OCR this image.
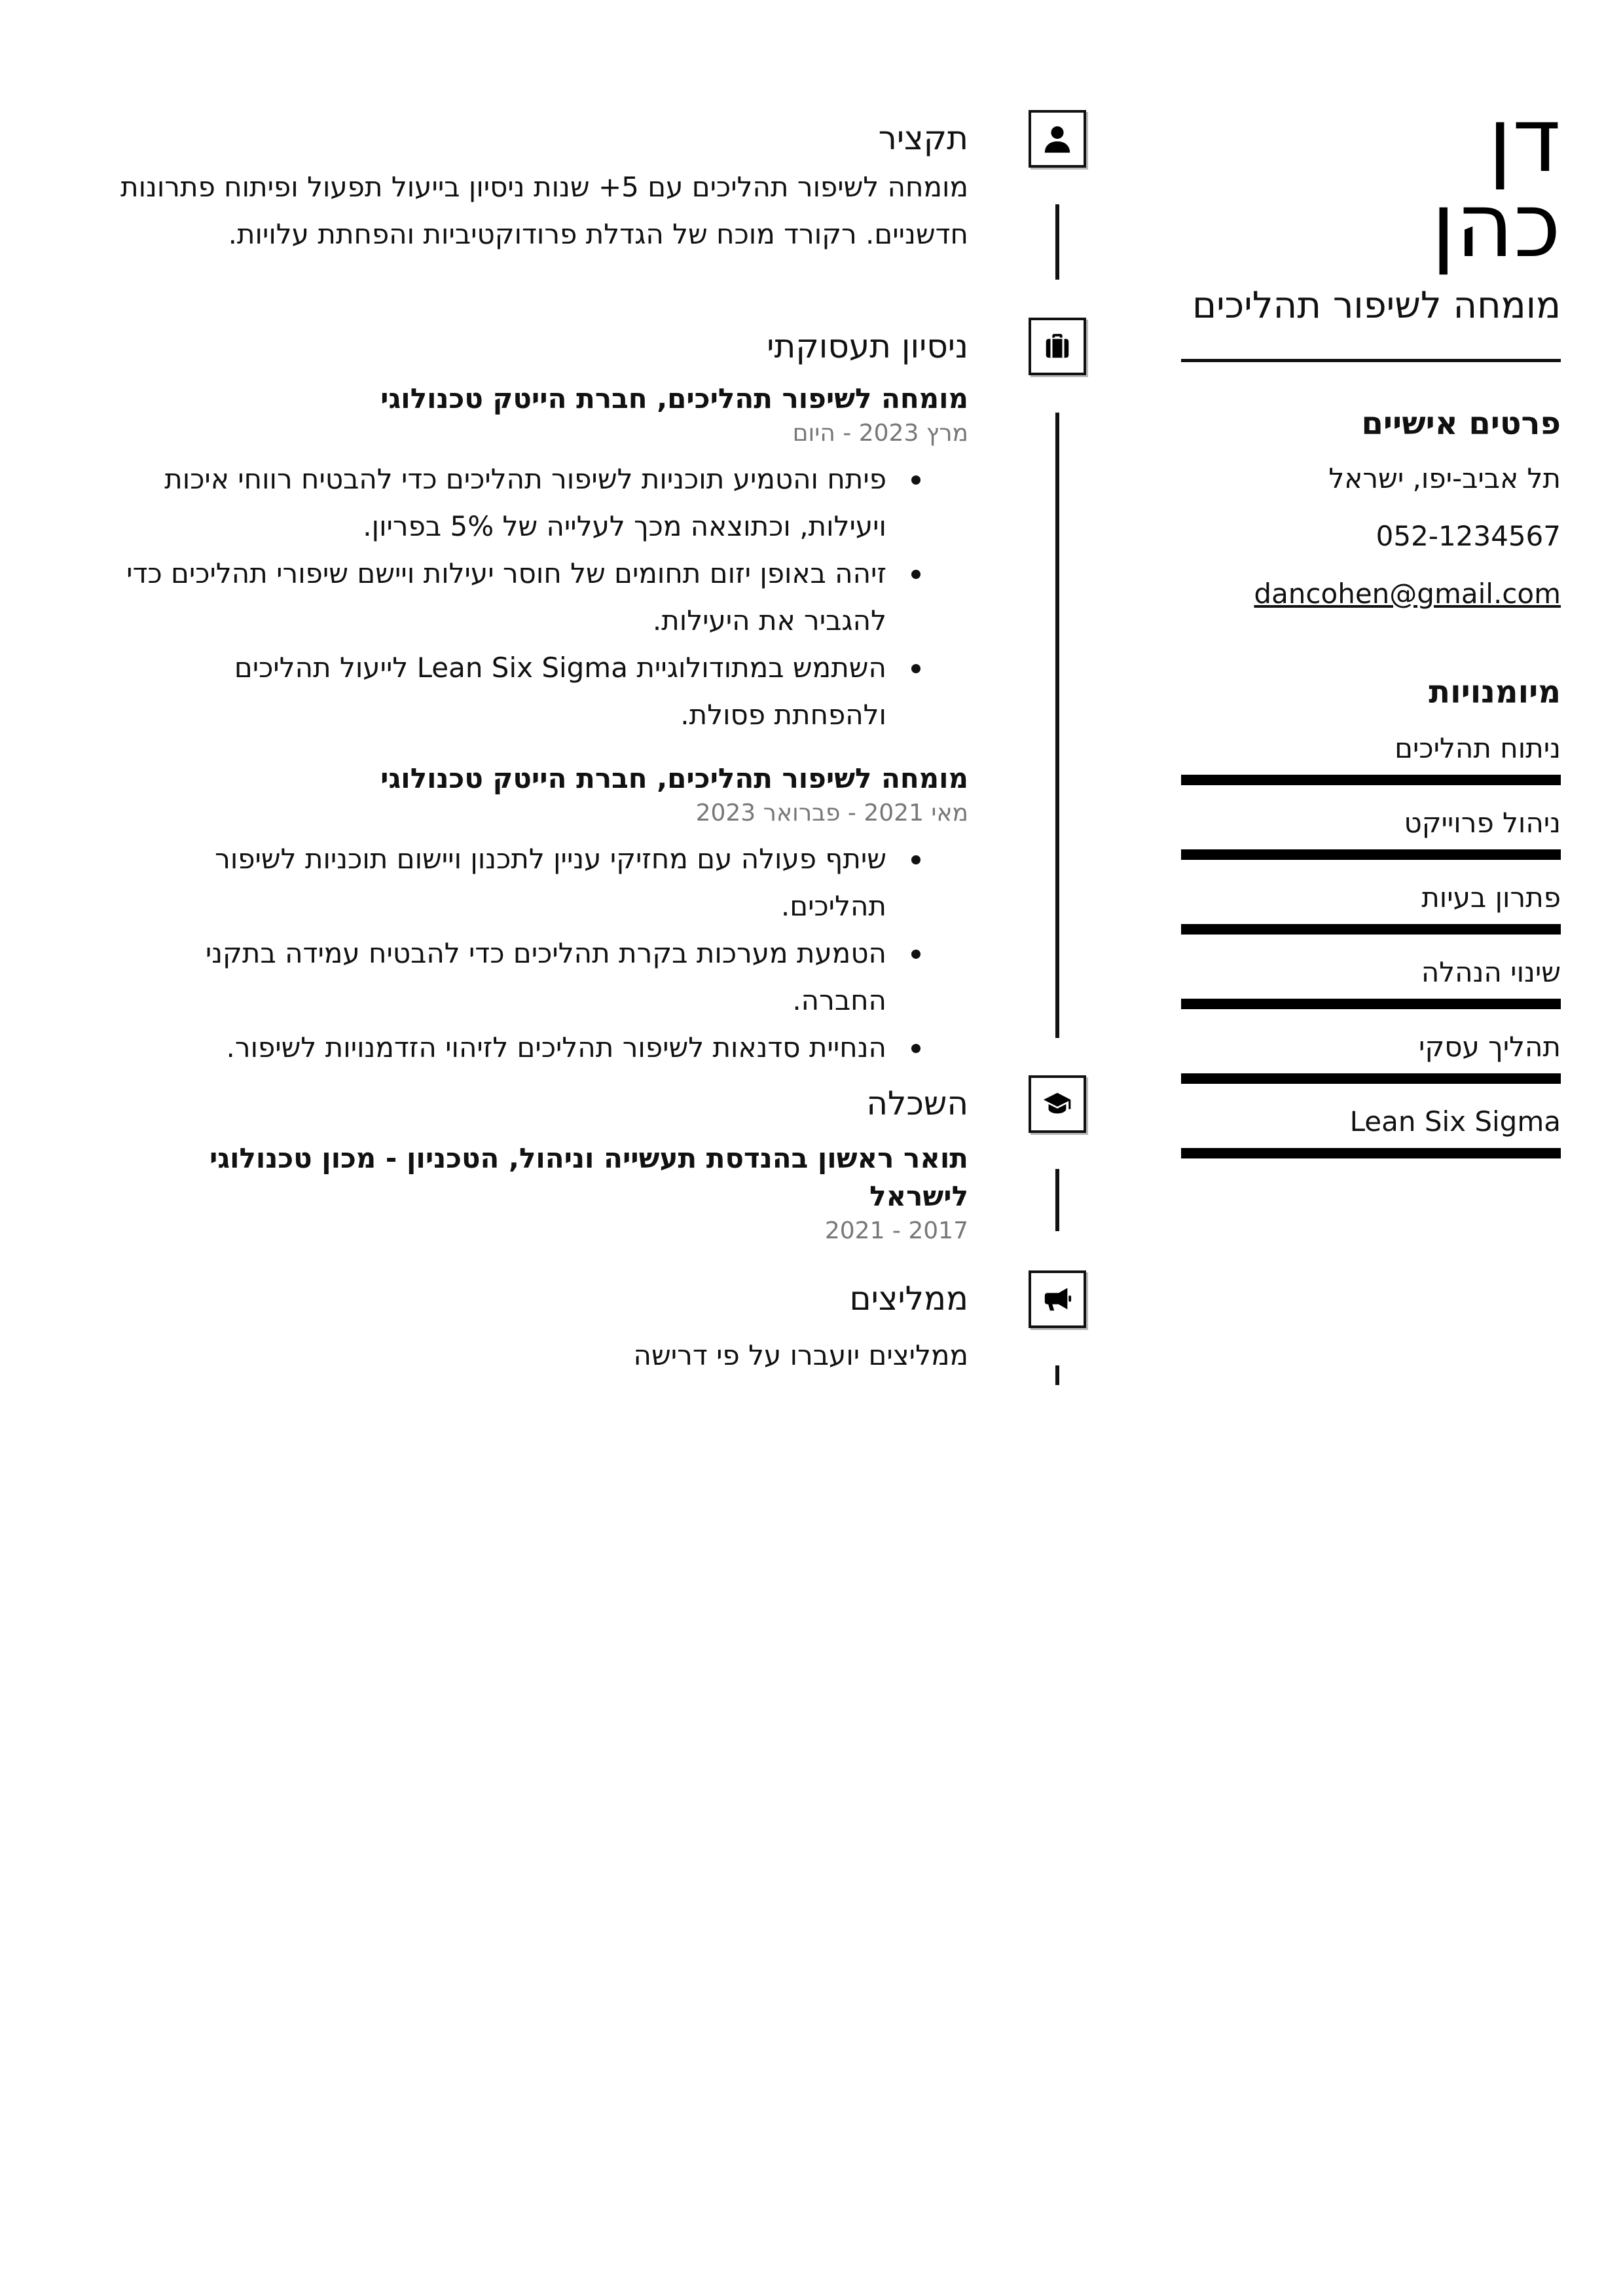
דן
כהן
מומחה לשיפור תהליכים
פרטים אישיים
תל אביב-יפו, ישראל
052-1234567
dancohen@gmail.com
מיומנויות
ניתוח תהליכים
ניהול פרוייקט
פתרון בעיות
שינוי הנהלה
תהליך עסקי
Lean Six Sigma
תקציר
מומחה לשיפור תהליכים עם 5+ שנות ניסיון בייעול תפעול ופיתוח פתרונות חדשניים. רקורד מוכח של הגדלת פרודוקטיביות והפחתת עלויות.
ניסיון תעסוקתי
מומחה לשיפור תהליכים, חברת הייטק טכנולוגי
מרץ 2023 - היום
פיתח והטמיע תוכניות לשיפור תהליכים כדי להבטיח רווחי איכות ויעילות, וכתוצאה מכך לעלייה של 5% בפריון.
זיהה באופן יזום תחומים של חוסר יעילות ויישם שיפורי תהליכים כדי להגביר את היעילות.
השתמש במתודולוגיית Lean Six Sigma לייעול תהליכים ולהפחתת פסולת.
מומחה לשיפור תהליכים, חברת הייטק טכנולוגי
מאי 2021 - פברואר 2023
שיתף פעולה עם מחזיקי עניין לתכנון ויישום תוכניות לשיפור תהליכים.
הטמעת מערכות בקרת תהליכים כדי להבטיח עמידה בתקני החברה.
הנחיית סדנאות לשיפור תהליכים לזיהוי הזדמנויות לשיפור.
השכלה
תואר ראשון בהנדסת תעשייה וניהול, הטכניון - מכון טכנולוגי לישראל
2017 - 2021
ממליצים
ממליצים יועברו על פי דרישה
